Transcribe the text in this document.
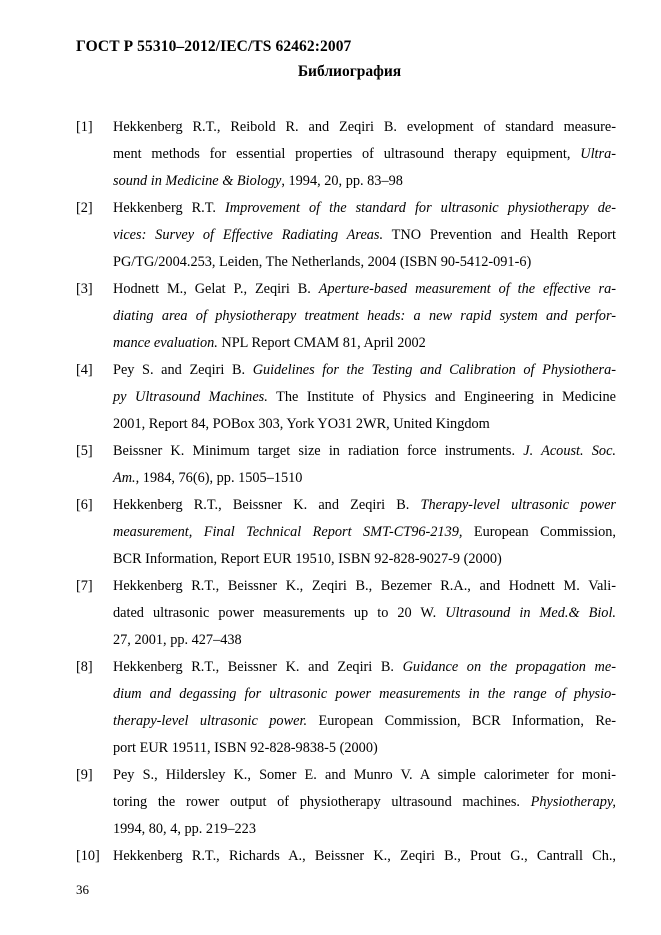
ГОСТ Р 55310–2012/IEC/TS 62462:2007
Библиография
[1] Hekkenberg R.T., Reibold R. and Zeqiri B. evelopment of standard measure-
ment methods for essential properties of ultrasound therapy equipment, Ultra-
sound in Medicine & Biology, 1994, 20, pp. 83–98
[2] Hekkenberg R.T. Improvement of the standard for ultrasonic physiotherapy de-
vices: Survey of Effective Radiating Areas. TNO Prevention and Health Report
PG/TG/2004.253, Leiden, The Netherlands, 2004 (ISBN 90-5412-091-6)
[3] Hodnett M., Gelat P., Zeqiri B. Aperture-based measurement of the effective ra-
diating area of physiotherapy treatment heads: a new rapid system and perfor-
mance evaluation. NPL Report CMAM 81, April 2002
[4] Pey S. and Zeqiri B. Guidelines for the Testing and Calibration of Physiothera-
py Ultrasound Machines. The Institute of Physics and Engineering in Medicine
2001, Report 84, POBox 303, York YO31 2WR, United Kingdom
[5] Beissner K. Minimum target size in radiation force instruments. J. Acoust. Soc.
Am., 1984, 76(6), pp. 1505–1510
[6] Hekkenberg R.T., Beissner K. and Zeqiri B. Therapy-level ultrasonic power
measurement, Final Technical Report SMT-CT96-2139, European Commission,
BCR Information, Report EUR 19510, ISBN 92-828-9027-9 (2000)
[7] Hekkenberg R.T., Beissner K., Zeqiri B., Bezemer R.A., and Hodnett M. Vali-
dated ultrasonic power measurements up to 20 W. Ultrasound in Med.& Biol.
27, 2001, pp. 427–438
[8] Hekkenberg R.T., Beissner K. and Zeqiri B. Guidance on the propagation me-
dium and degassing for ultrasonic power measurements in the range of physio-
therapy-level ultrasonic power. European Commission, BCR Information, Re-
port EUR 19511, ISBN 92-828-9838-5 (2000)
[9] Pey S., Hildersley K., Somer E. and Munro V. A simple calorimeter for moni-
toring the rower output of physiotherapy ultrasound machines. Physiotherapy,
1994, 80, 4, pp. 219–223
[10] Hekkenberg R.T., Richards A., Beissner K., Zeqiri B., Prout G., Cantrall Ch.,
36
